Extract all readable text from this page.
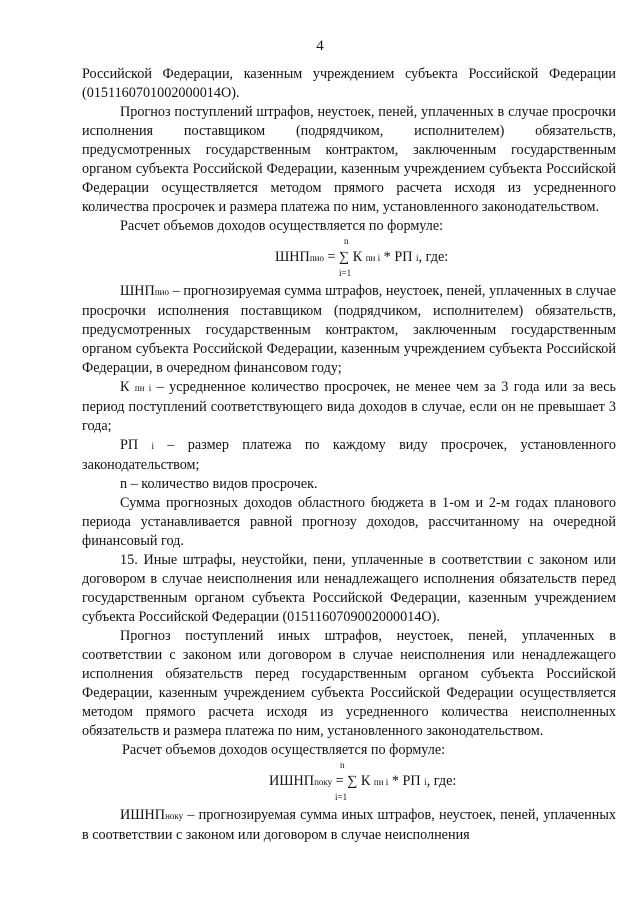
4

Российской Федерации, казенным учреждением субъекта Российской Федерации (0151160701002000014О).

Прогноз поступлений штрафов, неустоек, пеней, уплаченных в случае просрочки исполнения поставщиком (подрядчиком, исполнителем) обязательств, предусмотренных государственным контрактом, заключенным государственным органом субъекта Российской Федерации, казенным учреждением субъекта Российской Федерации осуществляется методом прямого расчета исходя из усредненного количества просрочек и размера платежа по ним, установленного законодательством.

Расчет объемов доходов осуществляется по формуле:

n
ШНПпио = ∑ К пн i * РП i, где:
i=1

ШНПпио – прогнозируемая сумма штрафов, неустоек, пеней, уплаченных в случае просрочки исполнения поставщиком (подрядчиком, исполнителем) обязательств, предусмотренных государственным контрактом, заключенным государственным органом субъекта Российской Федерации, казенным учреждением субъекта Российской Федерации, в очередном финансовом году;

К пн i – усредненное количество просрочек, не менее чем за 3 года или за весь период поступлений соответствующего вида доходов в случае, если он не превышает 3 года;

РП i – размер платежа по каждому виду просрочек, установленного законодательством;

n – количество видов просрочек.

Сумма прогнозных доходов областного бюджета в 1-ом и 2-м годах планового периода устанавливается равной прогнозу доходов, рассчитанному на очередной финансовый год.

15. Иные штрафы, неустойки, пени, уплаченные в соответствии с законом или договором в случае неисполнения или ненадлежащего исполнения обязательств перед государственным органом субъекта Российской Федерации, казенным учреждением субъекта Российской Федерации (0151160709002000014О).

Прогноз поступлений иных штрафов, неустоек, пеней, уплаченных в соответствии с законом или договором в случае неисполнения или ненадлежащего исполнения обязательств перед государственным органом субъекта Российской Федерации, казенным учреждением субъекта Российской Федерации осуществляется методом прямого расчета исходя из усредненного количества неисполненных обязательств и размера платежа по ним, установленного законодательством.

Расчет объемов доходов осуществляется по формуле:

n
ИШНПпоку = ∑ К пн i * РП i, где:
i=1

ИШНПноку – прогнозируемая сумма иных штрафов, неустоек, пеней, уплаченных в соответствии с законом или договором в случае неисполнения
